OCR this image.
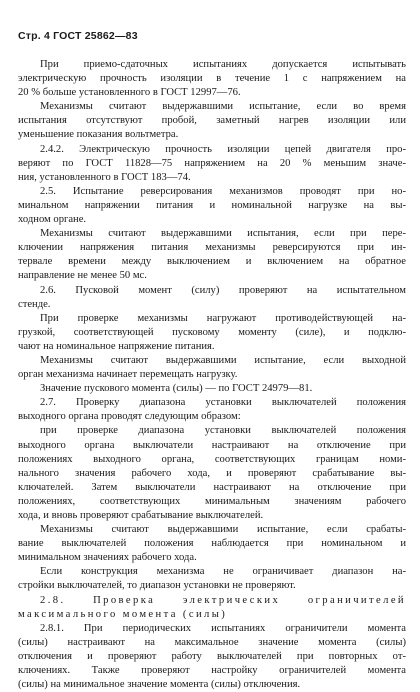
Стр. 4 ГОСТ 25862—83
При приемо-сдаточных испытаниях допускается испытывать
электрическую прочность изоляции в течение 1 с напряжением на
20 % больше установленного в ГОСТ 12997—76.
Механизмы считают выдержавшими испытание, если во время
испытания отсутствуют пробой, заметный нагрев изоляции или
уменьшение показания вольтметра.
2.4.2. Электрическую прочность изоляции цепей двигателя про-
веряют по ГОСТ 11828—75 напряжением на 20 % меньшим значе-
ния, установленного в ГОСТ 183—74.
2.5. Испытание реверсирования механизмов проводят при но-
минальном напряжении питания и номинальной нагрузке на вы-
ходном органе.
Механизмы считают выдержавшими испытания, если при пере-
ключении напряжения питания механизмы реверсируются при ин-
тервале времени между выключением и включением на обратное
направление не менее 50 мс.
2.6. Пусковой момент (силу) проверяют на испытательном
стенде.
При проверке механизмы нагружают противодействующей на-
грузкой, соответствующей пусковому моменту (силе), и подклю-
чают на номинальное напряжение питания.
Механизмы считают выдержавшими испытание, если выходной
орган механизма начинает перемещать нагрузку.
Значение пускового момента (силы) — по ГОСТ 24979—81.
2.7. Проверку диапазона установки выключателей положения
выходного органа проводят следующим образом:
при проверке диапазона установки выключателей положения
выходного органа выключатели настраивают на отключение при
положениях выходного органа, соответствующих границам номи-
нального значения рабочего хода, и проверяют срабатывание вы-
ключателей. Затем выключатели настраивают на отключение при
положениях, соответствующих минимальным значениям рабочего
хода, и вновь проверяют срабатывание выключателей.
Механизмы считают выдержавшими испытание, если срабаты-
вание выключателей положения наблюдается при номинальном и
минимальном значениях рабочего хода.
Если конструкция механизма не ограничивает диапазон на-
стройки выключателей, то диапазон установки не проверяют.
2.8. Проверка электрических ограничителей
максимального момента (силы)
2.8.1. При периодических испытаниях ограничители момента
(силы) настраивают на максимальное значение момента (силы)
отключения и проверяют работу выключателей при повторных от-
ключениях. Также проверяют настройку ограничителей момента
(силы) на минимальное значение момента (силы) отключения.
